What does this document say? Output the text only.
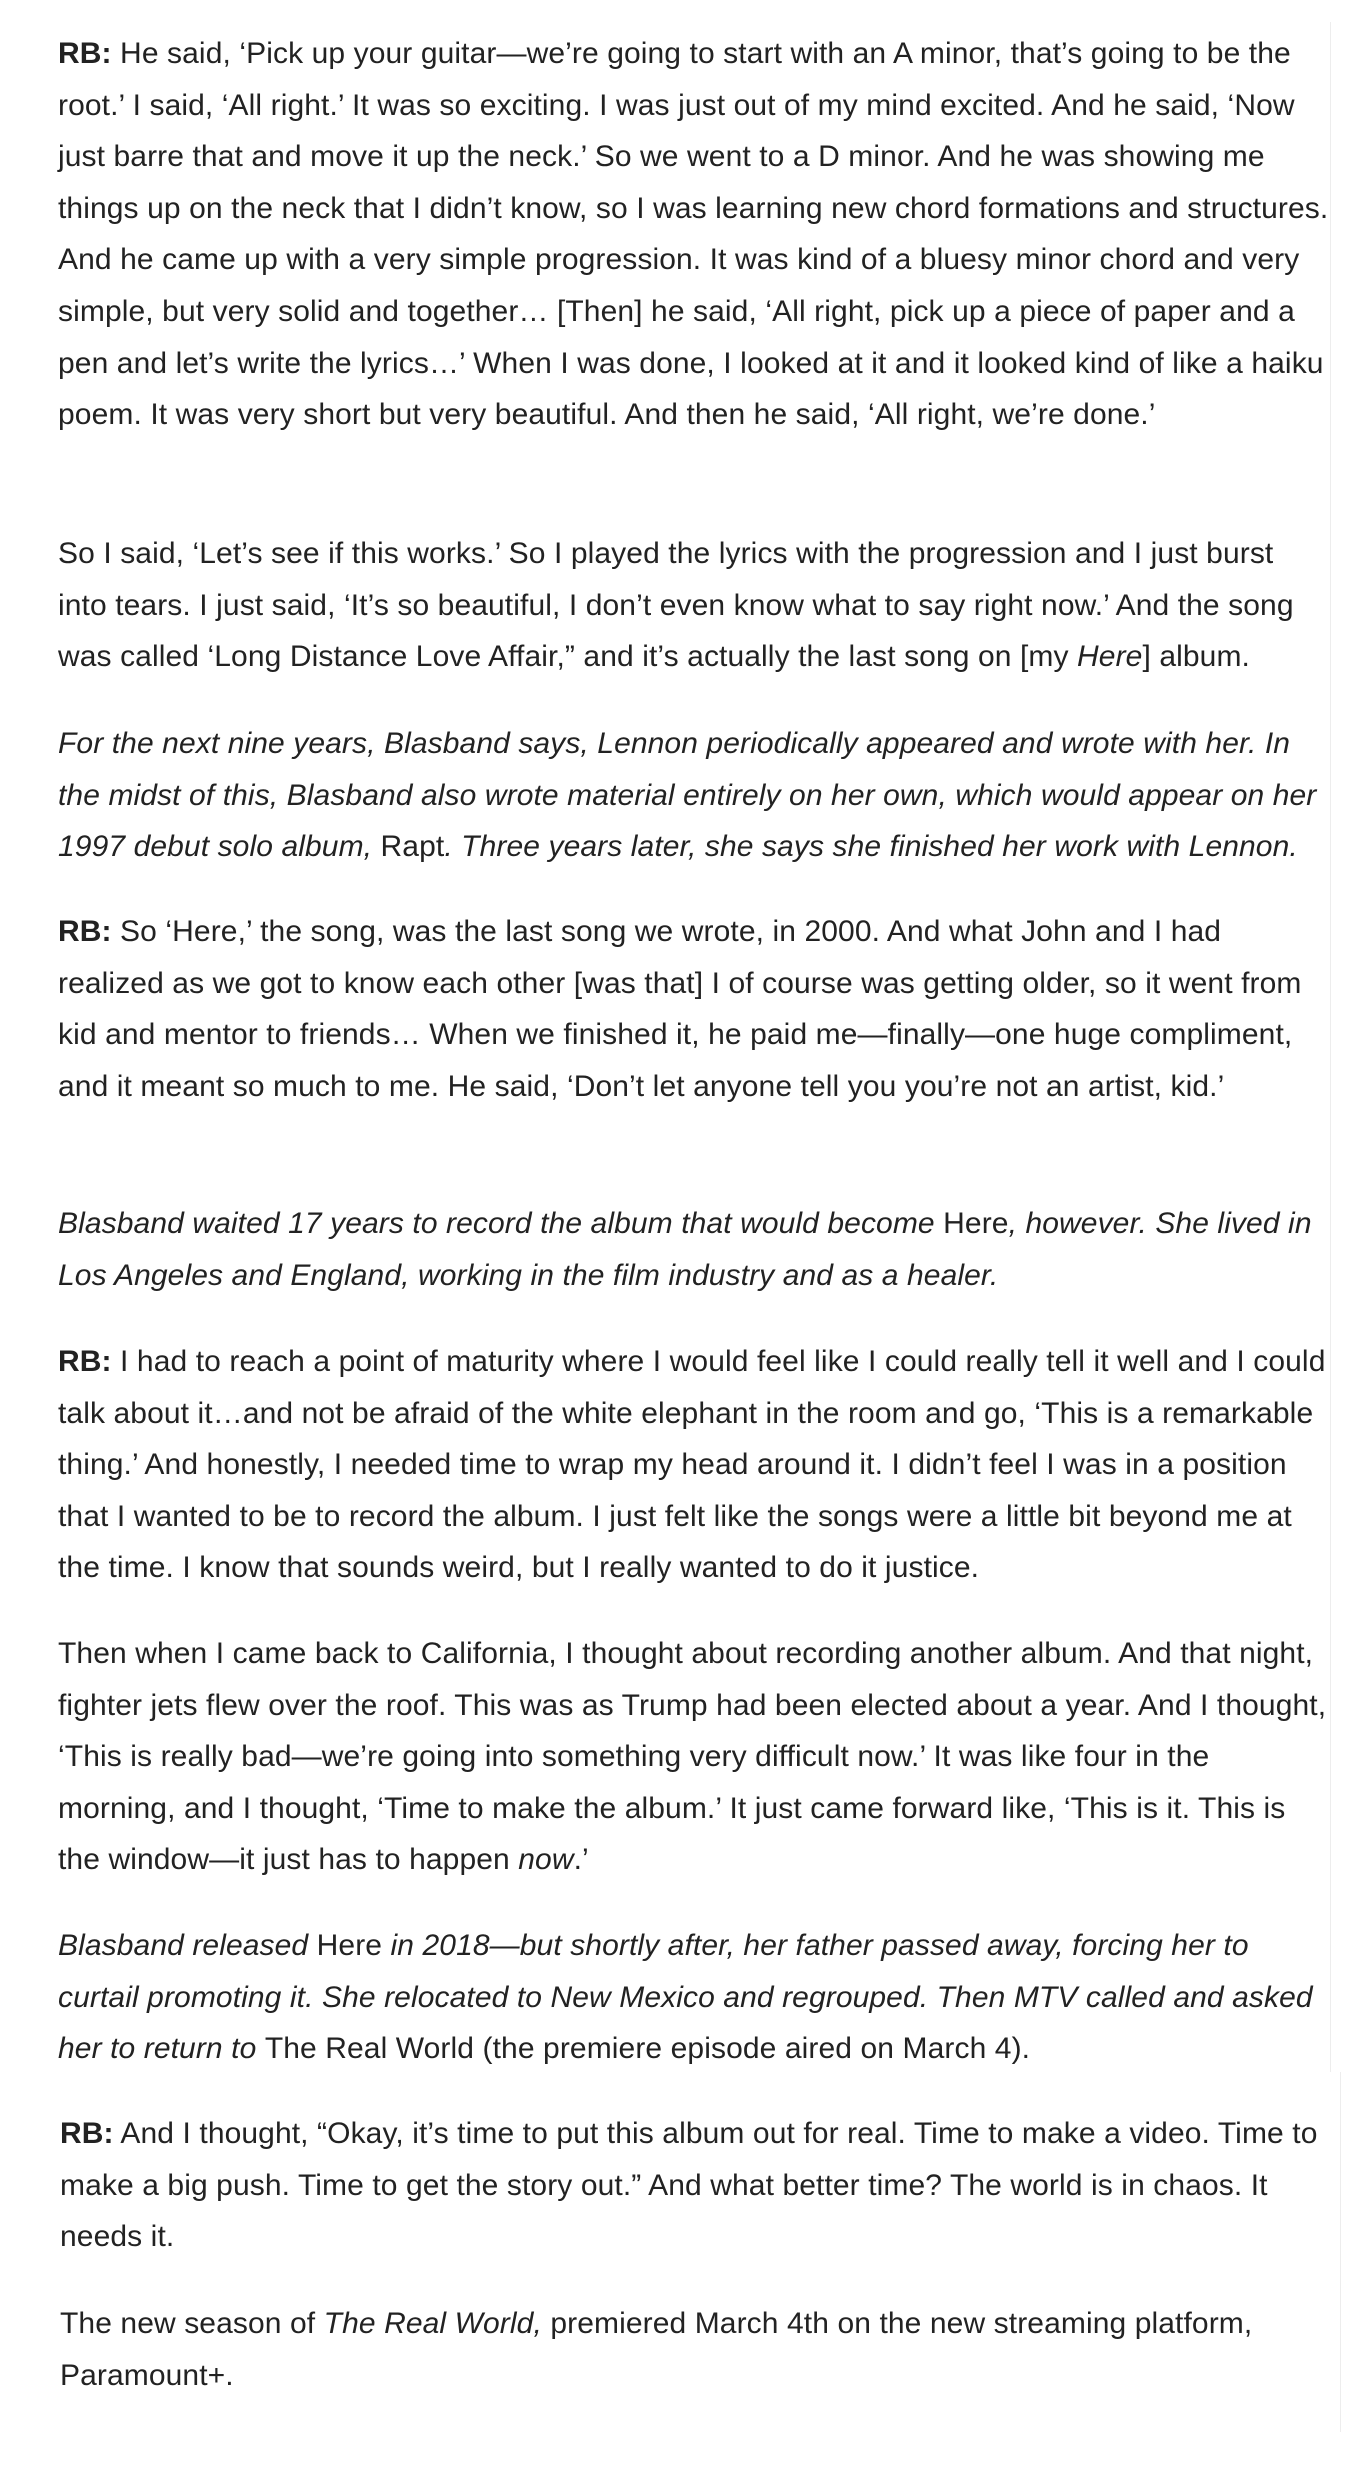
RB: He said, ‘Pick up your guitar—we’re going to start with an A minor, that’s going to be the root.’ I said, ‘All right.’ It was so exciting. I was just out of my mind excited. And he said, ‘Now just barre that and move it up the neck.’ So we went to a D minor. And he was showing me things up on the neck that I didn’t know, so I was learning new chord formations and structures. And he came up with a very simple progression. It was kind of a bluesy minor chord and very simple, but very solid and together… [Then] he said, ‘All right, pick up a piece of paper and a pen and let’s write the lyrics…’ When I was done, I looked at it and it looked kind of like a haiku poem. It was very short but very beautiful. And then he said, ‘All right, we’re done.’

So I said, ‘Let’s see if this works.’ So I played the lyrics with the progression and I just burst into tears. I just said, ‘It’s so beautiful, I don’t even know what to say right now.’ And the song was called ‘Long Distance Love Affair,” and it’s actually the last song on [my Here] album.

For the next nine years, Blasband says, Lennon periodically appeared and wrote with her. In the midst of this, Blasband also wrote material entirely on her own, which would appear on her 1997 debut solo album, Rapt. Three years later, she says she finished her work with Lennon.

RB: So ‘Here,’ the song, was the last song we wrote, in 2000. And what John and I had realized as we got to know each other [was that] I of course was getting older, so it went from kid and mentor to friends… When we finished it, he paid me—finally—one huge compliment, and it meant so much to me. He said, ‘Don’t let anyone tell you you’re not an artist, kid.’

Blasband waited 17 years to record the album that would become Here, however. She lived in Los Angeles and England, working in the film industry and as a healer.

RB: I had to reach a point of maturity where I would feel like I could really tell it well and I could talk about it…and not be afraid of the white elephant in the room and go, ‘This is a remarkable thing.’ And honestly, I needed time to wrap my head around it. I didn’t feel I was in a position that I wanted to be to record the album. I just felt like the songs were a little bit beyond me at the time. I know that sounds weird, but I really wanted to do it justice.

Then when I came back to California, I thought about recording another album. And that night, fighter jets flew over the roof. This was as Trump had been elected about a year. And I thought, ‘This is really bad—we’re going into something very difficult now.’ It was like four in the morning, and I thought, ‘Time to make the album.’ It just came forward like, ‘This is it. This is the window—it just has to happen now.’

Blasband released Here in 2018—but shortly after, her father passed away, forcing her to curtail promoting it. She relocated to New Mexico and regrouped. Then MTV called and asked her to return to The Real World (the premiere episode aired on March 4).

RB: And I thought, “Okay, it’s time to put this album out for real. Time to make a video. Time to make a big push. Time to get the story out.” And what better time? The world is in chaos. It needs it.

The new season of The Real World, premiered March 4th on the new streaming platform, Paramount+.
